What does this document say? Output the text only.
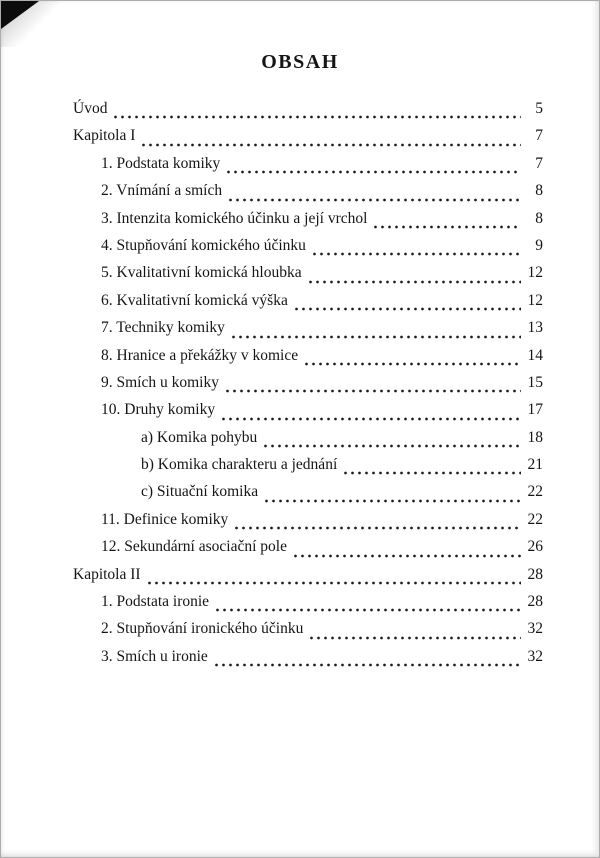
OBSAH
Úvod	5
Kapitola I	7
1. Podstata komiky	7
2. Vnímání a smích	8
3. Intenzita komického účinku a její vrchol	8
4. Stupňování komického účinku	9
5. Kvalitativní komická hloubka	12
6. Kvalitativní komická výška	12
7. Techniky komiky	13
8. Hranice a překážky v komice	14
9. Smích u komiky	15
10. Druhy komiky	17
a) Komika pohybu	18
b) Komika charakteru a jednání	21
c) Situační komika	22
11. Definice komiky	22
12. Sekundární asociační pole	26
Kapitola II	28
1. Podstata ironie	28
2. Stupňování ironického účinku	32
3. Smích u ironie	32
